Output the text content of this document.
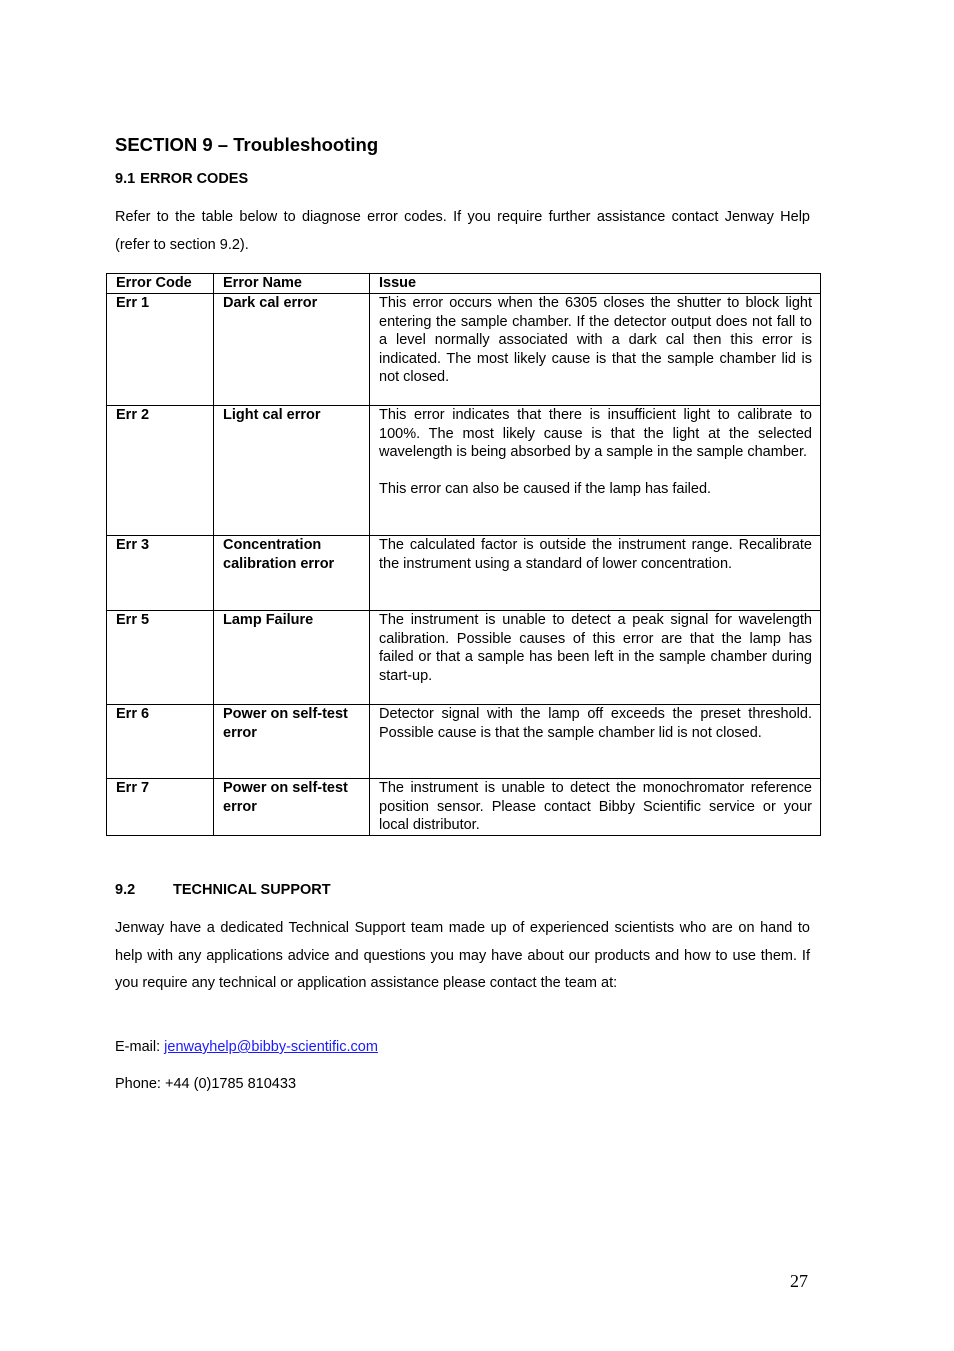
SECTION 9 – Troubleshooting
9.1 ERROR CODES
Refer to the table below to diagnose error codes. If you require further assistance contact Jenway Help (refer to section 9.2).
Error Code	Error Name	Issue
Err 1	Dark cal error	This error occurs when the 6305 closes the shutter to block light entering the sample chamber. If the detector output does not fall to a level normally associated with a dark cal then this error is indicated. The most likely cause is that the sample chamber lid is not closed.

Err 2	Light cal error	This error indicates that there is insufficient light to calibrate to 100%. The most likely cause is that the light at the selected wavelength is being absorbed by a sample in the sample chamber.

This error can also be caused if the lamp has failed.

Err 3	Concentration calibration error	The calculated factor is outside the instrument range. Recalibrate the instrument using a standard of lower concentration.

Err 5	Lamp Failure	The instrument is unable to detect a peak signal for wavelength calibration. Possible causes of this error are that the lamp has failed or that a sample has been left in the sample chamber during start-up.

Err 6	Power on self-test error	Detector signal with the lamp off exceeds the preset threshold. Possible cause is that the sample chamber lid is not closed.

Err 7	Power on self-test error	The instrument is unable to detect the monochromator reference position sensor. Please contact Bibby Scientific service or your local distributor.

9.2	TECHNICAL SUPPORT
Jenway have a dedicated Technical Support team made up of experienced scientists who are on hand to help with any applications advice and questions you may have about our products and how to use them. If you require any technical or application assistance please contact the team at:
E-mail: jenwayhelp@bibby-scientific.com
Phone: +44 (0)1785 810433
27
